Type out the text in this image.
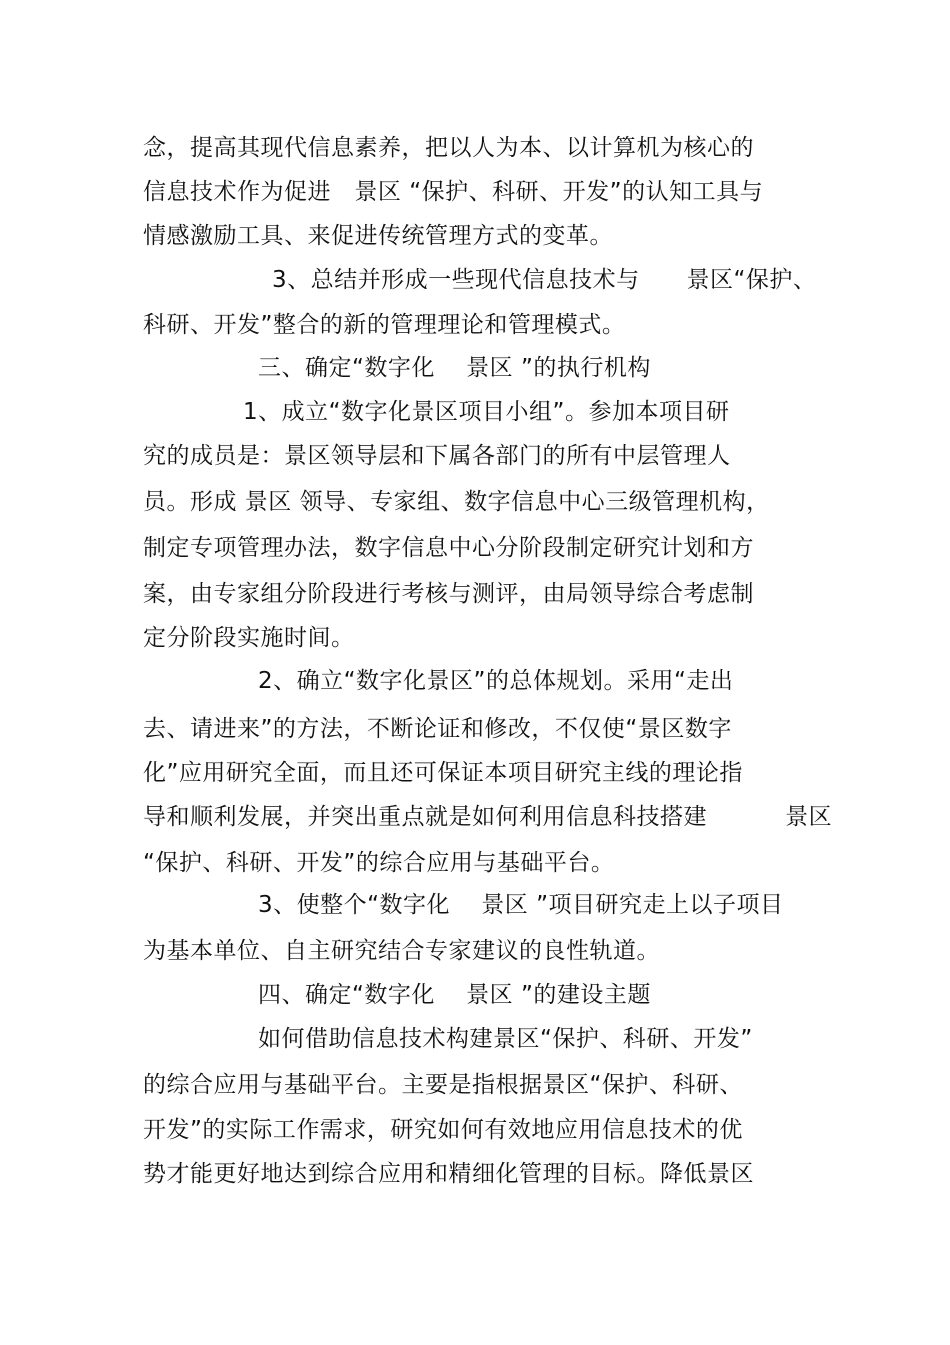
念，提高其现代信息素养，把以人为本、以计算机为核心的
信息技术作为促进   景区 “保护、科研、开发”的认知工具与
情感激励工具、来促进传统管理方式的变革。
3、总结并形成一些现代信息技术与      景区“保护、
科研、开发”整合的新的管理理论和管理模式。
三、确定“数字化    景区 ”的执行机构
1、成立“数字化景区项目小组”。参加本项目研
究的成员是：景区领导层和下属各部门的所有中层管理人
员。形成 景区 领导、专家组、数字信息中心三级管理机构，
制定专项管理办法，数字信息中心分阶段制定研究计划和方
案，由专家组分阶段进行考核与测评，由局领导综合考虑制
定分阶段实施时间。
2、确立“数字化景区”的总体规划。采用“走出
去、请进来”的方法，不断论证和修改，不仅使“景区数字
化”应用研究全面，而且还可保证本项目研究主线的理论指
导和顺利发展，并突出重点就是如何利用信息科技搭建          景区
“保护、科研、开发”的综合应用与基础平台。
3、使整个“数字化    景区 ”项目研究走上以子项目
为基本单位、自主研究结合专家建议的良性轨道。
四、确定“数字化    景区 ”的建设主题
如何借助信息技术构建景区“保护、科研、开发”
的综合应用与基础平台。主要是指根据景区“保护、科研、
开发”的实际工作需求，研究如何有效地应用信息技术的优
势才能更好地达到综合应用和精细化管理的目标。降低景区
